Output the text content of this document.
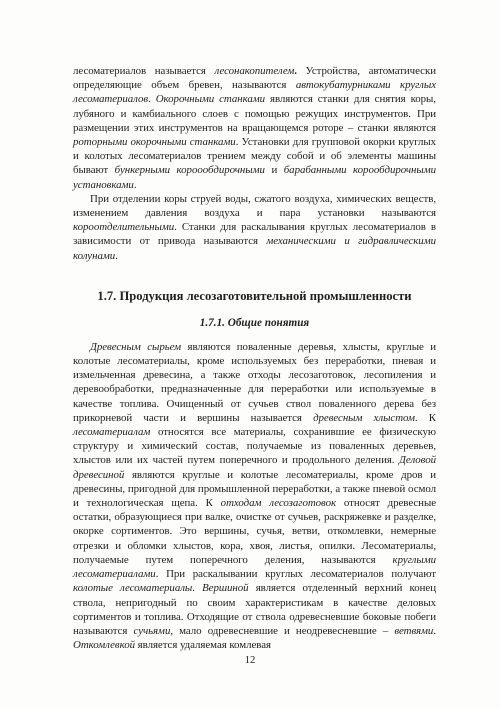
лесоматериалов называется лесонакопителем. Устройства, автоматически определяющие объем бревен, называются автокубатурниками круглых лесоматериалов. Окорочными станками являются станки для снятия коры, лубяного и камбиального слоев с помощью режущих инструментов. При размещении этих инструментов на вращающемся роторе – станки являются роторными окорочными станками. Установки для групповой окорки круглых и колотых лесоматериалов трением между собой и об элементы машины бывают бункерными короообдирочными и барабанными корообдирочными установками.

При отделении коры струей воды, сжатого воздуха, химических веществ, изменением давления воздуха и пара установки называются короотделительными. Станки для раскалывания круглых лесоматериалов в зависимости от привода называются механическими и гидравлическими колунами.

1.7. Продукция лесозаготовительной промышленности
1.7.1. Общие понятия

Древесным сырьем являются поваленные деревья, хлысты, круглые и колотые лесоматериалы, кроме используемых без переработки, пневая и измельченная древесина, а также отходы лесозаготовок, лесопиления и деревообработки, предназначенные для переработки или используемые в качестве топлива. Очищенный от сучьев ствол поваленного дерева без прикорневой части и вершины называется древесным хлыстом. К лесоматериалам относятся все материалы, сохранившие ее физическую структуру и химический состав, получаемые из поваленных деревьев, хлыстов или их частей путем поперечного и продольного деления. Деловой древесиной являются круглые и колотые лесоматериалы, кроме дров и древесины, пригодной для промышленной переработки, а также пневой осмол и технологическая щепа. К отходам лесозаготовок относят древесные остатки, образующиеся при валке, очистке от сучьев, раскряжевке и разделке, окорке сортиментов. Это вершины, сучья, ветви, откомлевки, немерные отрезки и обломки хлыстов, кора, хвоя, листья, опилки. Лесоматериалы, получаемые путем поперечного деления, называются круглыми лесоматериалами. При раскалывании круглых лесоматериалов получают колотые лесоматериалы. Вершиной является отделенный верхний конец ствола, непригодный по своим характеристикам в качестве деловых сортиментов и топлива. Отходящие от ствола одревесневшие боковые побеги называются сучьями, мало одревесневшие и неодревесневшие – ветвями. Откомлевкой является удаляемая комлевая

12
